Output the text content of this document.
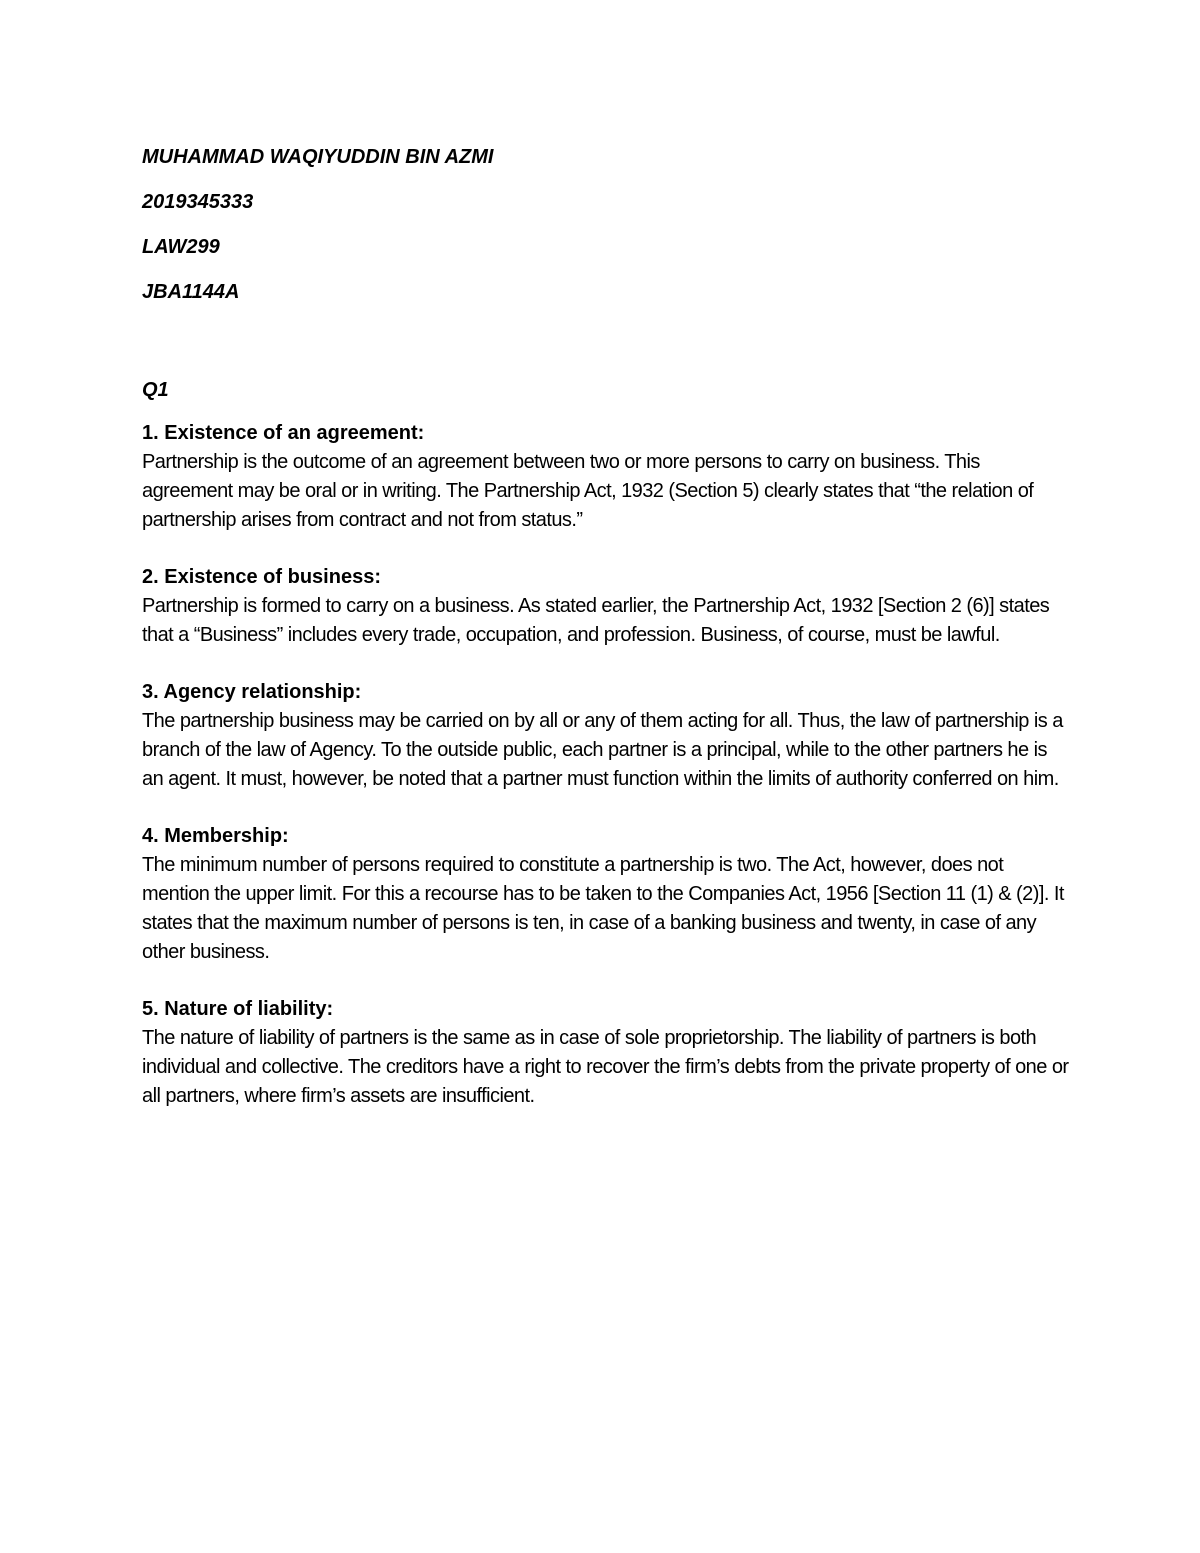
MUHAMMAD WAQIYUDDIN BIN AZMI
2019345333
LAW299
JBA1144A
Q1

1. Existence of an agreement:

Partnership is the outcome of an agreement between two or more persons to carry on business. This agreement may be oral or in writing. The Partnership Act, 1932 (Section 5) clearly states that “the relation of partnership arises from contract and not from status.”

2. Existence of business:

Partnership is formed to carry on a business. As stated earlier, the Partnership Act, 1932 [Section 2 (6)] states that a “Business” includes every trade, occupation, and profession. Business, of course, must be lawful.

3. Agency relationship:

The partnership business may be carried on by all or any of them acting for all. Thus, the law of partnership is a branch of the law of Agency. To the outside public, each partner is a principal, while to the other partners he is an agent. It must, however, be noted that a partner must function within the limits of authority conferred on him.

4. Membership:

The minimum number of persons required to constitute a partnership is two. The Act, however, does not mention the upper limit. For this a recourse has to be taken to the Companies Act, 1956 [Section 11 (1) & (2)]. It states that the maximum number of persons is ten, in case of a banking business and twenty, in case of any other business.

5. Nature of liability:

The nature of liability of partners is the same as in case of sole proprietorship. The liability of partners is both individual and collective. The creditors have a right to recover the firm’s debts from the private property of one or all partners, where firm’s assets are insufficient.
